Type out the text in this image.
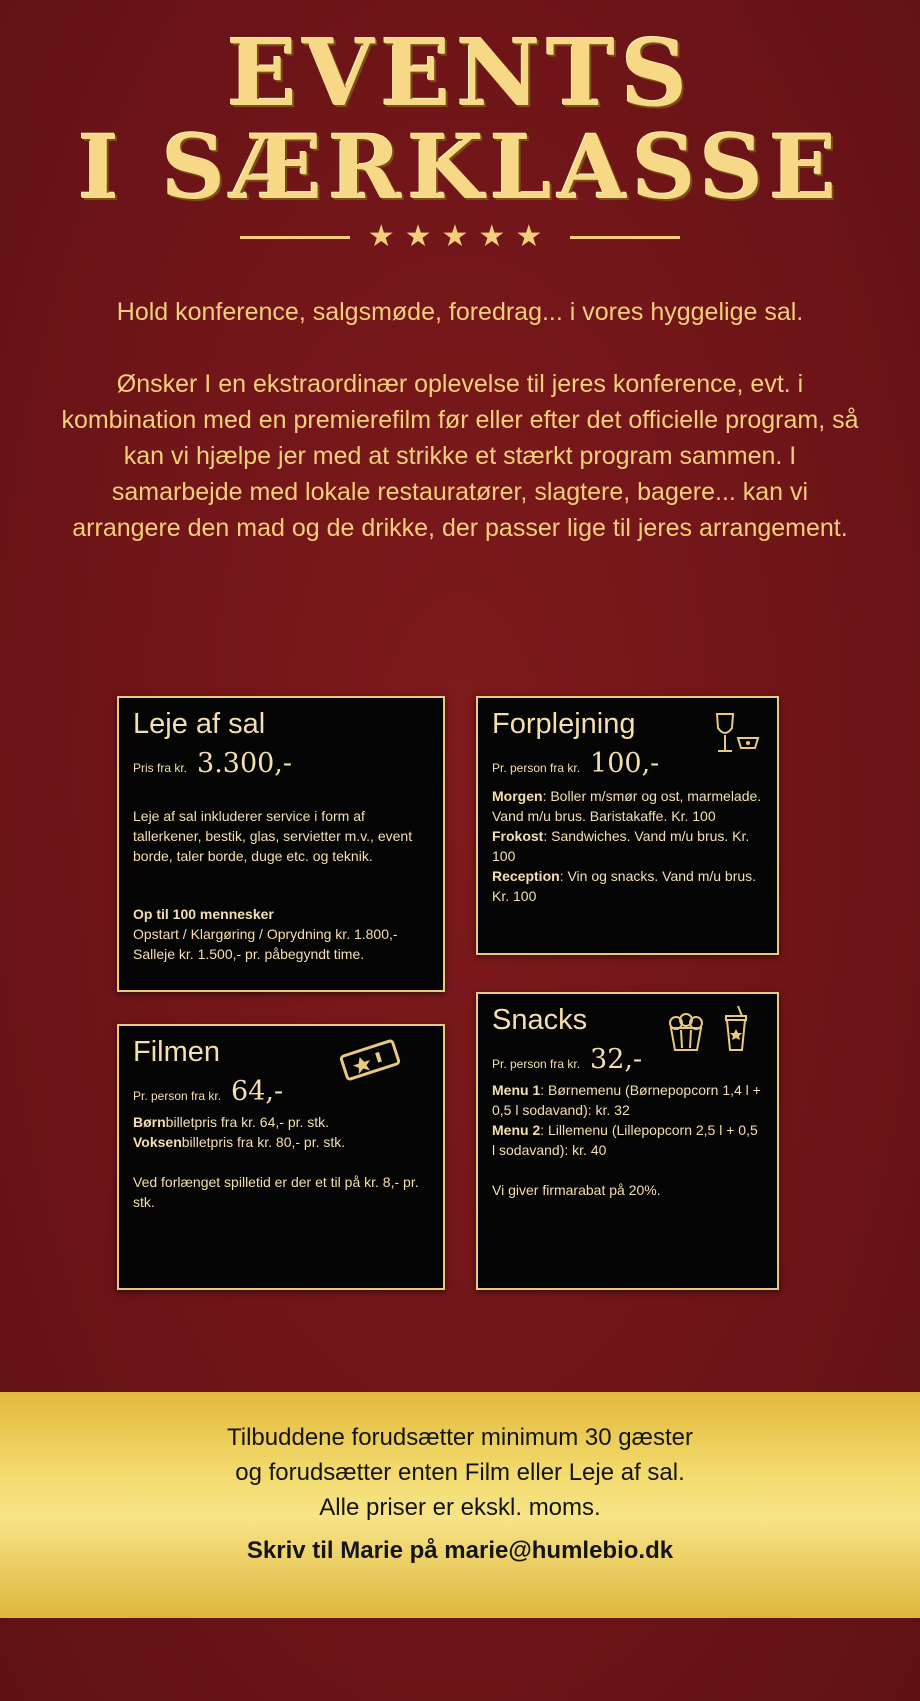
EVENTS
I SÆRKLASSE
★★★★★

Hold konference, salgsmøde, foredrag... i vores hyggelige sal.

Ønsker I en ekstraordinær oplevelse til jeres konference, evt. i kombination med en premierefilm før eller efter det officielle program, så kan vi hjælpe jer med at strikke et stærkt program sammen. I samarbejde med lokale restauratører, slagtere, bagere... kan vi arrangere den mad og de drikke, der passer lige til jeres arrangement.

Leje af sal
Pris fra kr. 3.300,-

Leje af sal inkluderer service i form af tallerkener, bestik, glas, servietter m.v., event borde, taler borde, duge etc. og teknik.

Op til 100 mennesker

Opstart / Klargøring / Oprydning kr. 1.800,-

Salleje kr. 1.500,- pr. påbegyndt time.

Forplejning
Pr. person fra kr. 100,-

Morgen: Boller m/smør og ost, marmelade. Vand m/u brus. Baristakaffe. Kr. 100

Frokost: Sandwiches. Vand m/u brus. Kr. 100

Reception: Vin og snacks. Vand m/u brus. Kr. 100

Filmen
Pr. person fra kr. 64,-

Børnbilletpris fra kr. 64,- pr. stk.

Voksenbilletpris fra kr. 80,- pr. stk.

Ved forlænget spilletid er der et til på kr. 8,- pr. stk.

Snacks
Pr. person fra kr. 32,-

Menu 1: Børnemenu (Børnepopcorn 1,4 l + 0,5 l sodavand): kr. 32

Menu 2: Lillemenu (Lillepopcorn 2,5 l + 0,5 l sodavand): kr. 40

Vi giver firmarabat på 20%.

Tilbuddene forudsætter minimum 30 gæster
og forudsætter enten Film eller Leje af sal.
Alle priser er ekskl. moms.
Skriv til Marie på marie@humlebio.dk
